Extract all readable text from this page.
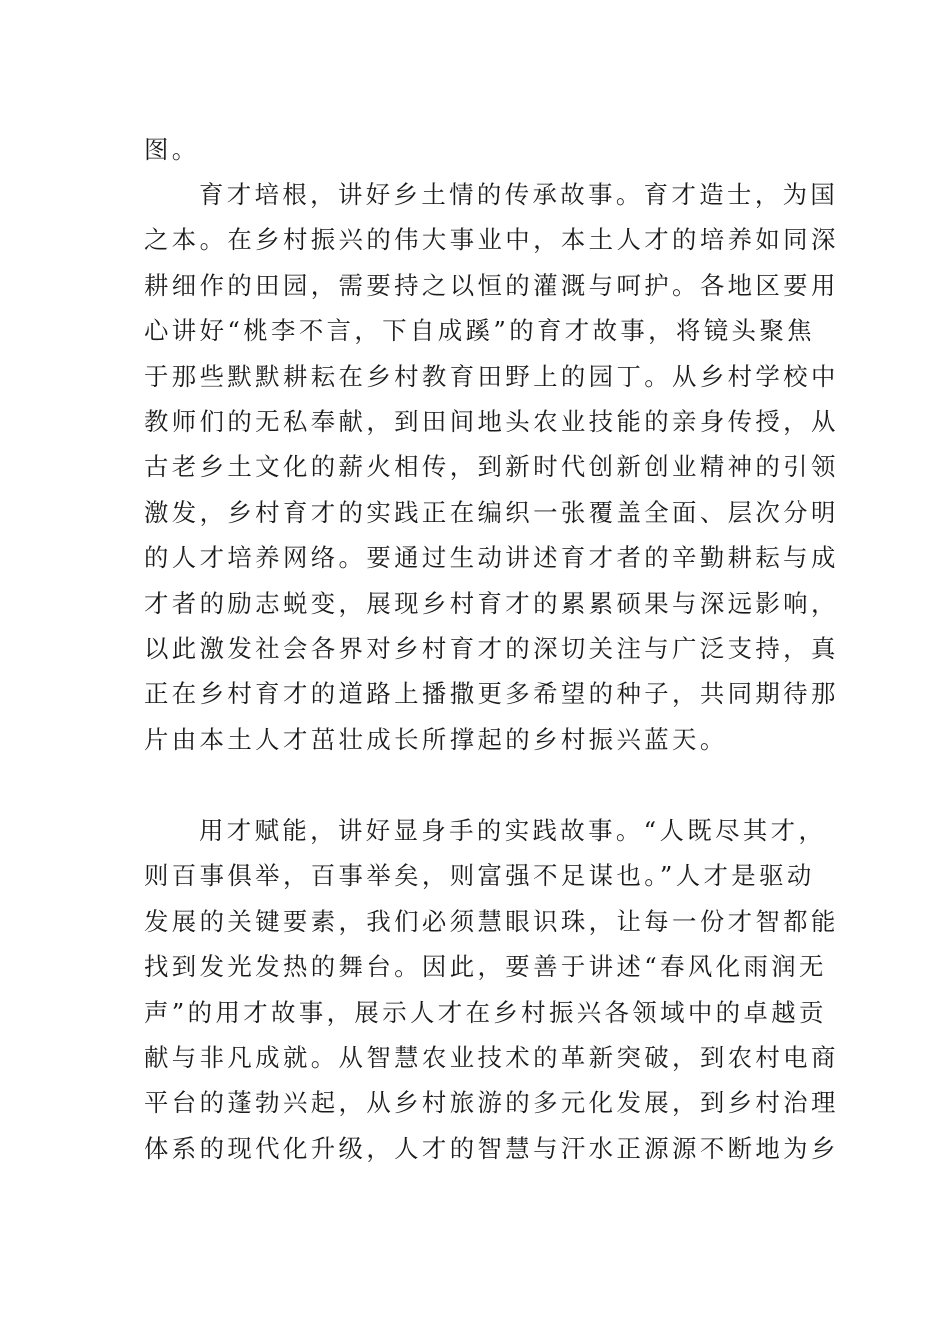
图。
育才培根，讲好乡土情的传承故事。育才造士，为国
之本。在乡村振兴的伟大事业中，本土人才的培养如同深
耕细作的田园，需要持之以恒的灌溉与呵护。各地区要用
心讲好“桃李不言，下自成蹊”的育才故事，将镜头聚焦
于那些默默耕耘在乡村教育田野上的园丁。从乡村学校中
教师们的无私奉献，到田间地头农业技能的亲身传授，从
古老乡土文化的薪火相传，到新时代创新创业精神的引领
激发，乡村育才的实践正在编织一张覆盖全面、层次分明
的人才培养网络。要通过生动讲述育才者的辛勤耕耘与成
才者的励志蜕变，展现乡村育才的累累硕果与深远影响，
以此激发社会各界对乡村育才的深切关注与广泛支持，真
正在乡村育才的道路上播撒更多希望的种子，共同期待那
片由本土人才茁壮成长所撑起的乡村振兴蓝天。
用才赋能，讲好显身手的实践故事。“人既尽其才，
则百事俱举，百事举矣，则富强不足谋也。”人才是驱动
发展的关键要素，我们必须慧眼识珠，让每一份才智都能
找到发光发热的舞台。因此，要善于讲述“春风化雨润无
声”的用才故事，展示人才在乡村振兴各领域中的卓越贡
献与非凡成就。从智慧农业技术的革新突破，到农村电商
平台的蓬勃兴起，从乡村旅游的多元化发展，到乡村治理
体系的现代化升级，人才的智慧与汗水正源源不断地为乡
